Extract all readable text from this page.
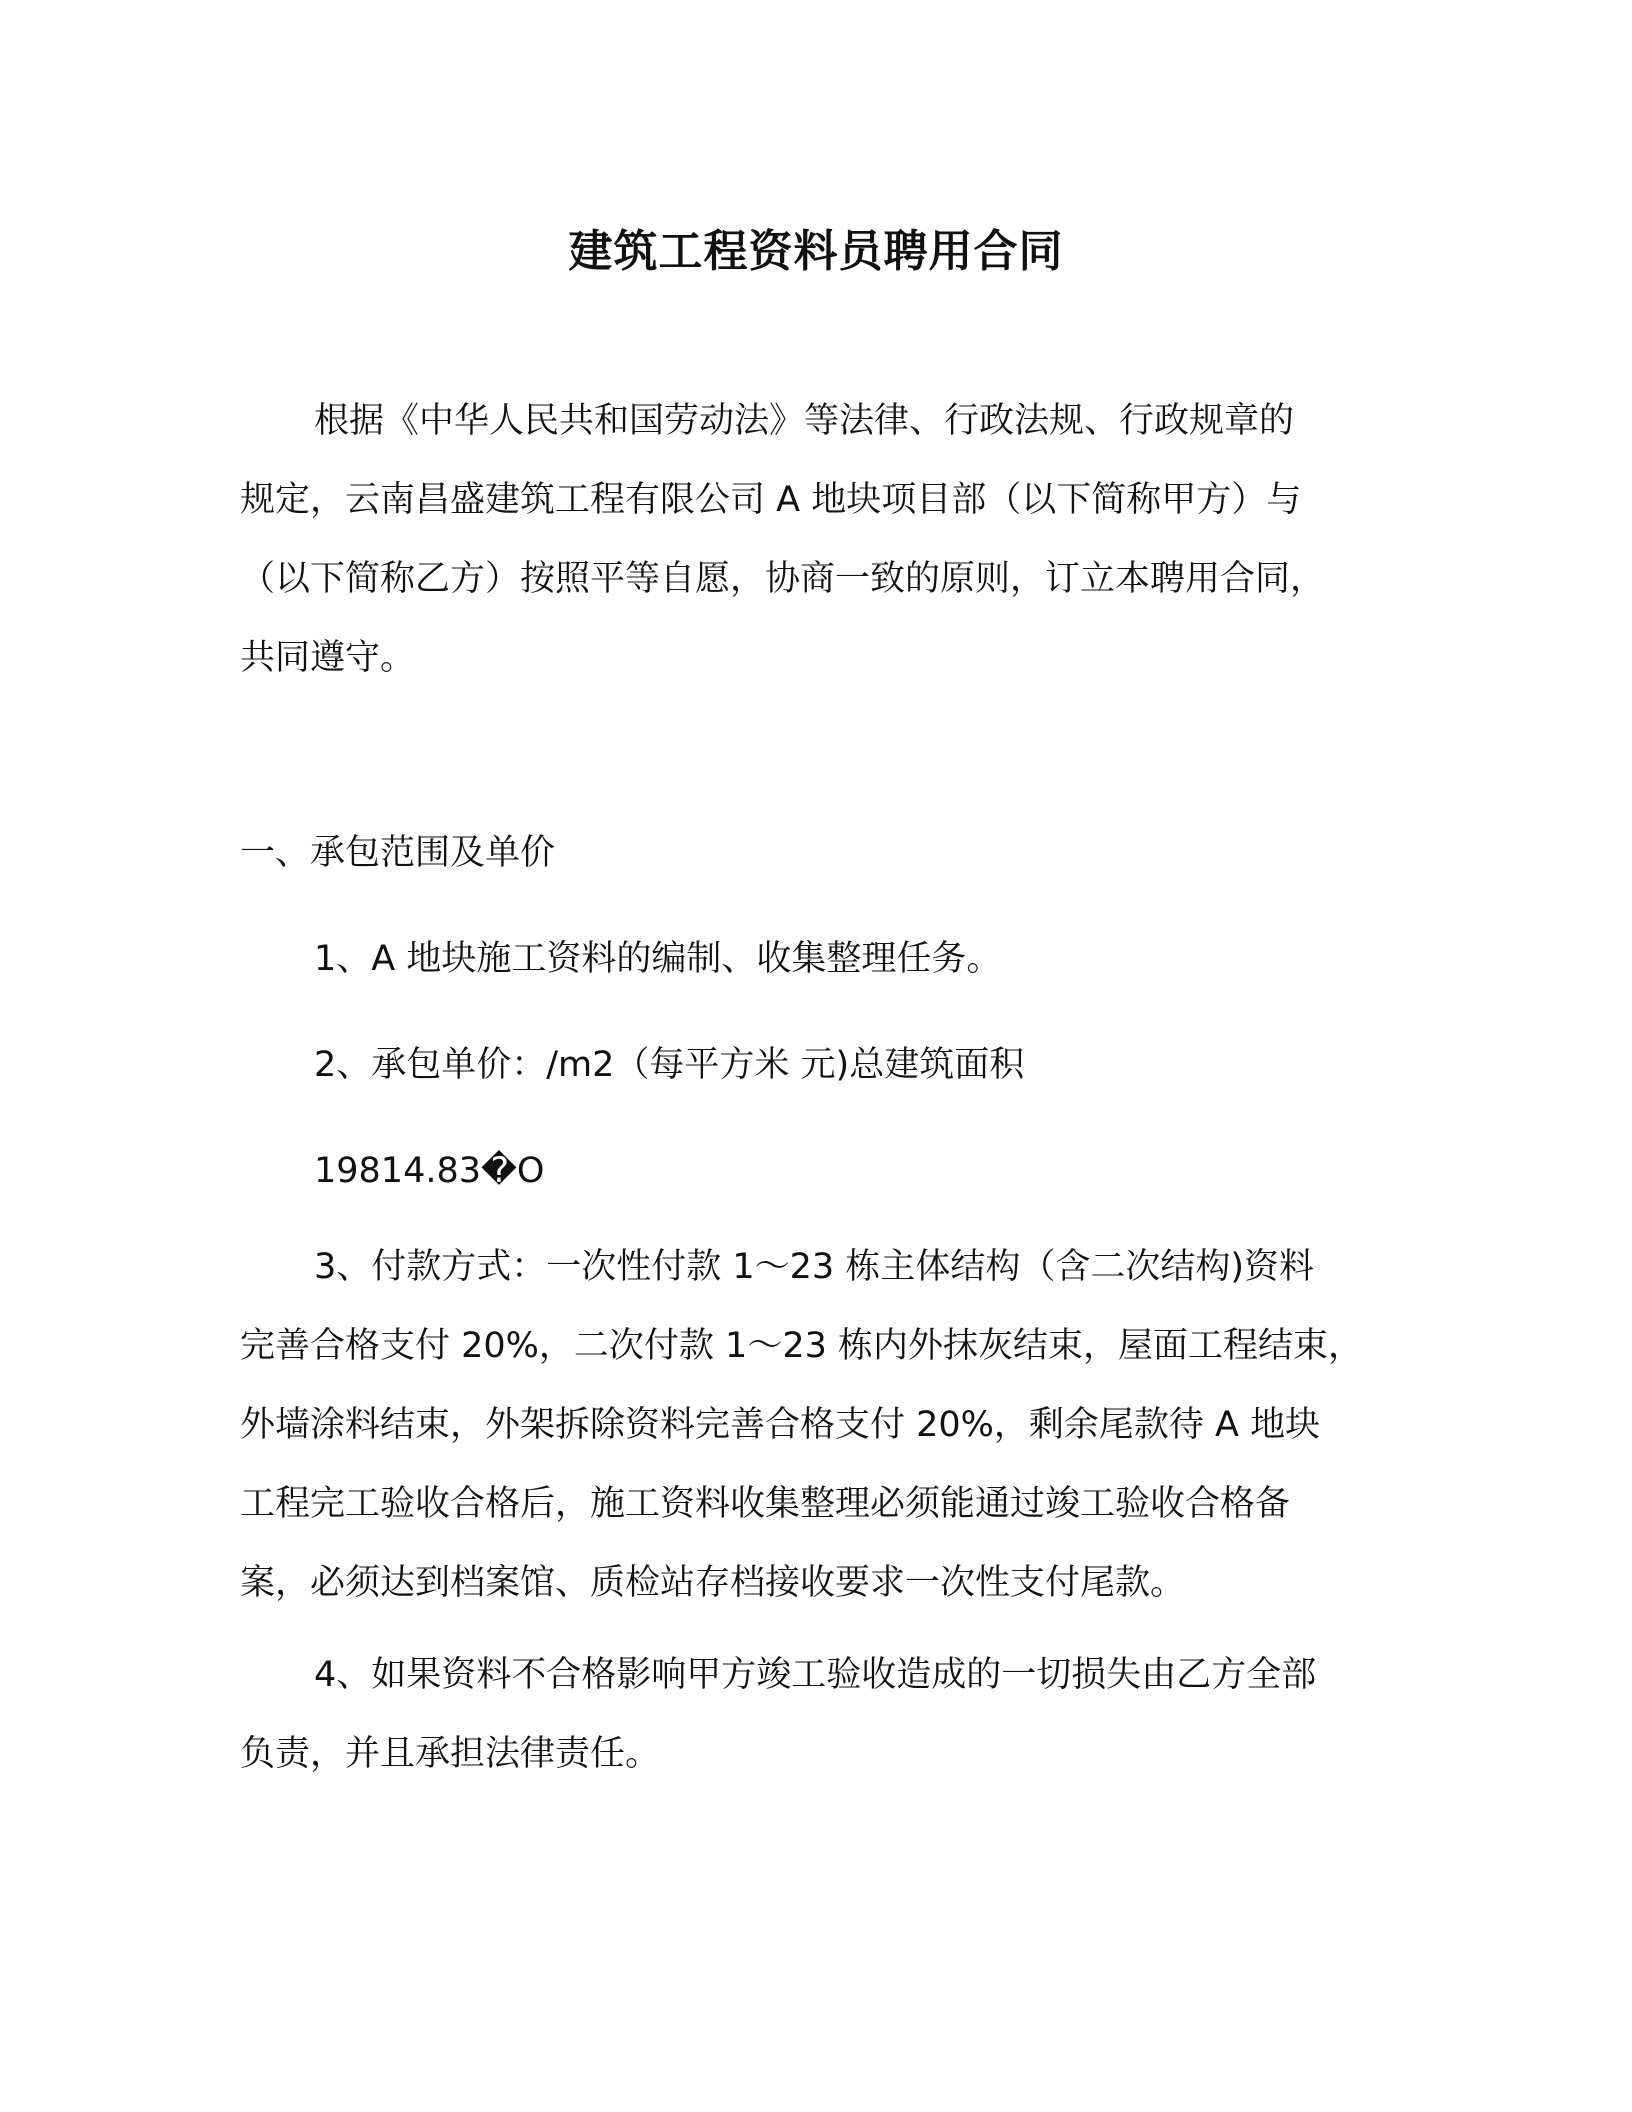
建筑工程资料员聘用合同
根据《中华人民共和国劳动法》等法律、行政法规、行政规章的
规定，云南昌盛建筑工程有限公司 A 地块项目部（以下简称甲方）与
（以下简称乙方）按照平等自愿，协商一致的原则，订立本聘用合同，
共同遵守。
一、承包范围及单价
1、A 地块施工资料的编制、收集整理任务。
2、承包单价：/m2（每平方米 元)总建筑面积
19814.83�O
3、付款方式：一次性付款 1～23 栋主体结构（含二次结构)资料
完善合格支付 20%，二次付款 1～23 栋内外抹灰结束，屋面工程结束，
外墙涂料结束，外架拆除资料完善合格支付 20%，剩余尾款待 A 地块
工程完工验收合格后，施工资料收集整理必须能通过竣工验收合格备
案，必须达到档案馆、质检站存档接收要求一次性支付尾款。
4、如果资料不合格影响甲方竣工验收造成的一切损失由乙方全部
负责，并且承担法律责任。
